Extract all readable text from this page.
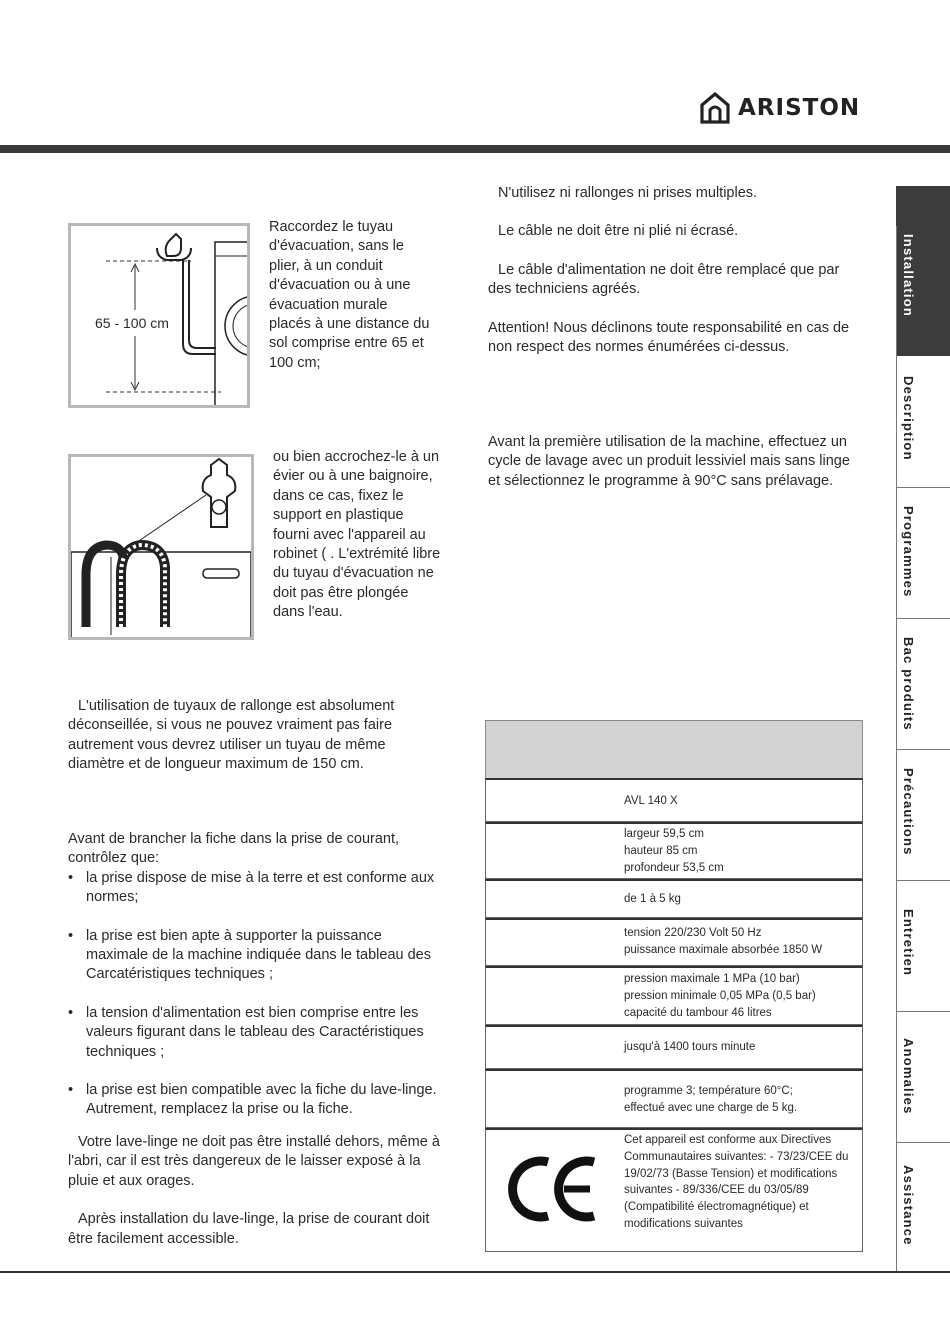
ARISTON
65 - 100 cm
Raccordez le tuyau d'évacuation, sans le plier, à un conduit d'évacuation ou à une évacuation murale placés à une distance du sol comprise entre 65 et 100 cm;
ou bien accrochez-le à un évier ou à une baignoire, dans ce cas, fixez le support en plastique fourni avec l'appareil au robinet ( . L'extrémité libre du tuyau d'évacuation ne doit pas être plongée dans l'eau.
L'utilisation de tuyaux de rallonge est absolument déconseillée, si vous ne pouvez vraiment pas faire autrement vous devrez utiliser un tuyau de même diamètre et de longueur maximum de 150 cm.
Avant de brancher la fiche dans la prise de courant, contrôlez que:
• la prise dispose de mise à la terre et est conforme aux normes;
• la prise est bien apte à supporter la puissance maximale de la machine indiquée dans le tableau des Carcatéristiques techniques ;
• la tension d'alimentation est bien comprise entre les valeurs figurant dans le tableau des Caractéristiques techniques ;
• la prise est bien compatible avec la fiche du lave-linge. Autrement, remplacez la prise ou la fiche.

Votre lave-linge ne doit pas être installé dehors, même à l'abri, car il est très dangereux de le laisser exposé à la pluie et aux orages.

Après installation du lave-linge, la prise de courant doit être facilement accessible.

N'utilisez ni rallonges ni prises multiples.

Le câble ne doit être ni plié ni écrasé.

Le câble d'alimentation ne doit être remplacé que par des techniciens agréés.

Attention! Nous déclinons toute responsabilité en cas de non respect des normes énumérées ci-dessus.

Avant la première utilisation de la machine, effectuez un cycle de lavage avec un produit lessiviel mais sans linge et sélectionnez le programme à 90°C sans prélavage.
AVL 140 X
largeur 59,5 cm
hauteur 85 cm
profondeur 53,5 cm
de 1 à 5 kg
tension 220/230 Volt 50 Hz
puissance maximale absorbée 1850 W
pression maximale 1 MPa (10 bar)
pression minimale 0,05 MPa (0,5 bar)
capacité du tambour 46 litres
jusqu'à 1400 tours minute
programme 3; température 60°C;
effectué avec une charge de 5 kg.
Cet appareil est conforme aux Directives Communautaires suivantes: - 73/23/CEE du 19/02/73 (Basse Tension) et modifications suivantes - 89/336/CEE du 03/05/89 (Compatibilité électromagnétique) et modifications suivantes
Installation
Description
Programmes
Bac produits
Précautions
Entretien
Anomalies
Assistance
